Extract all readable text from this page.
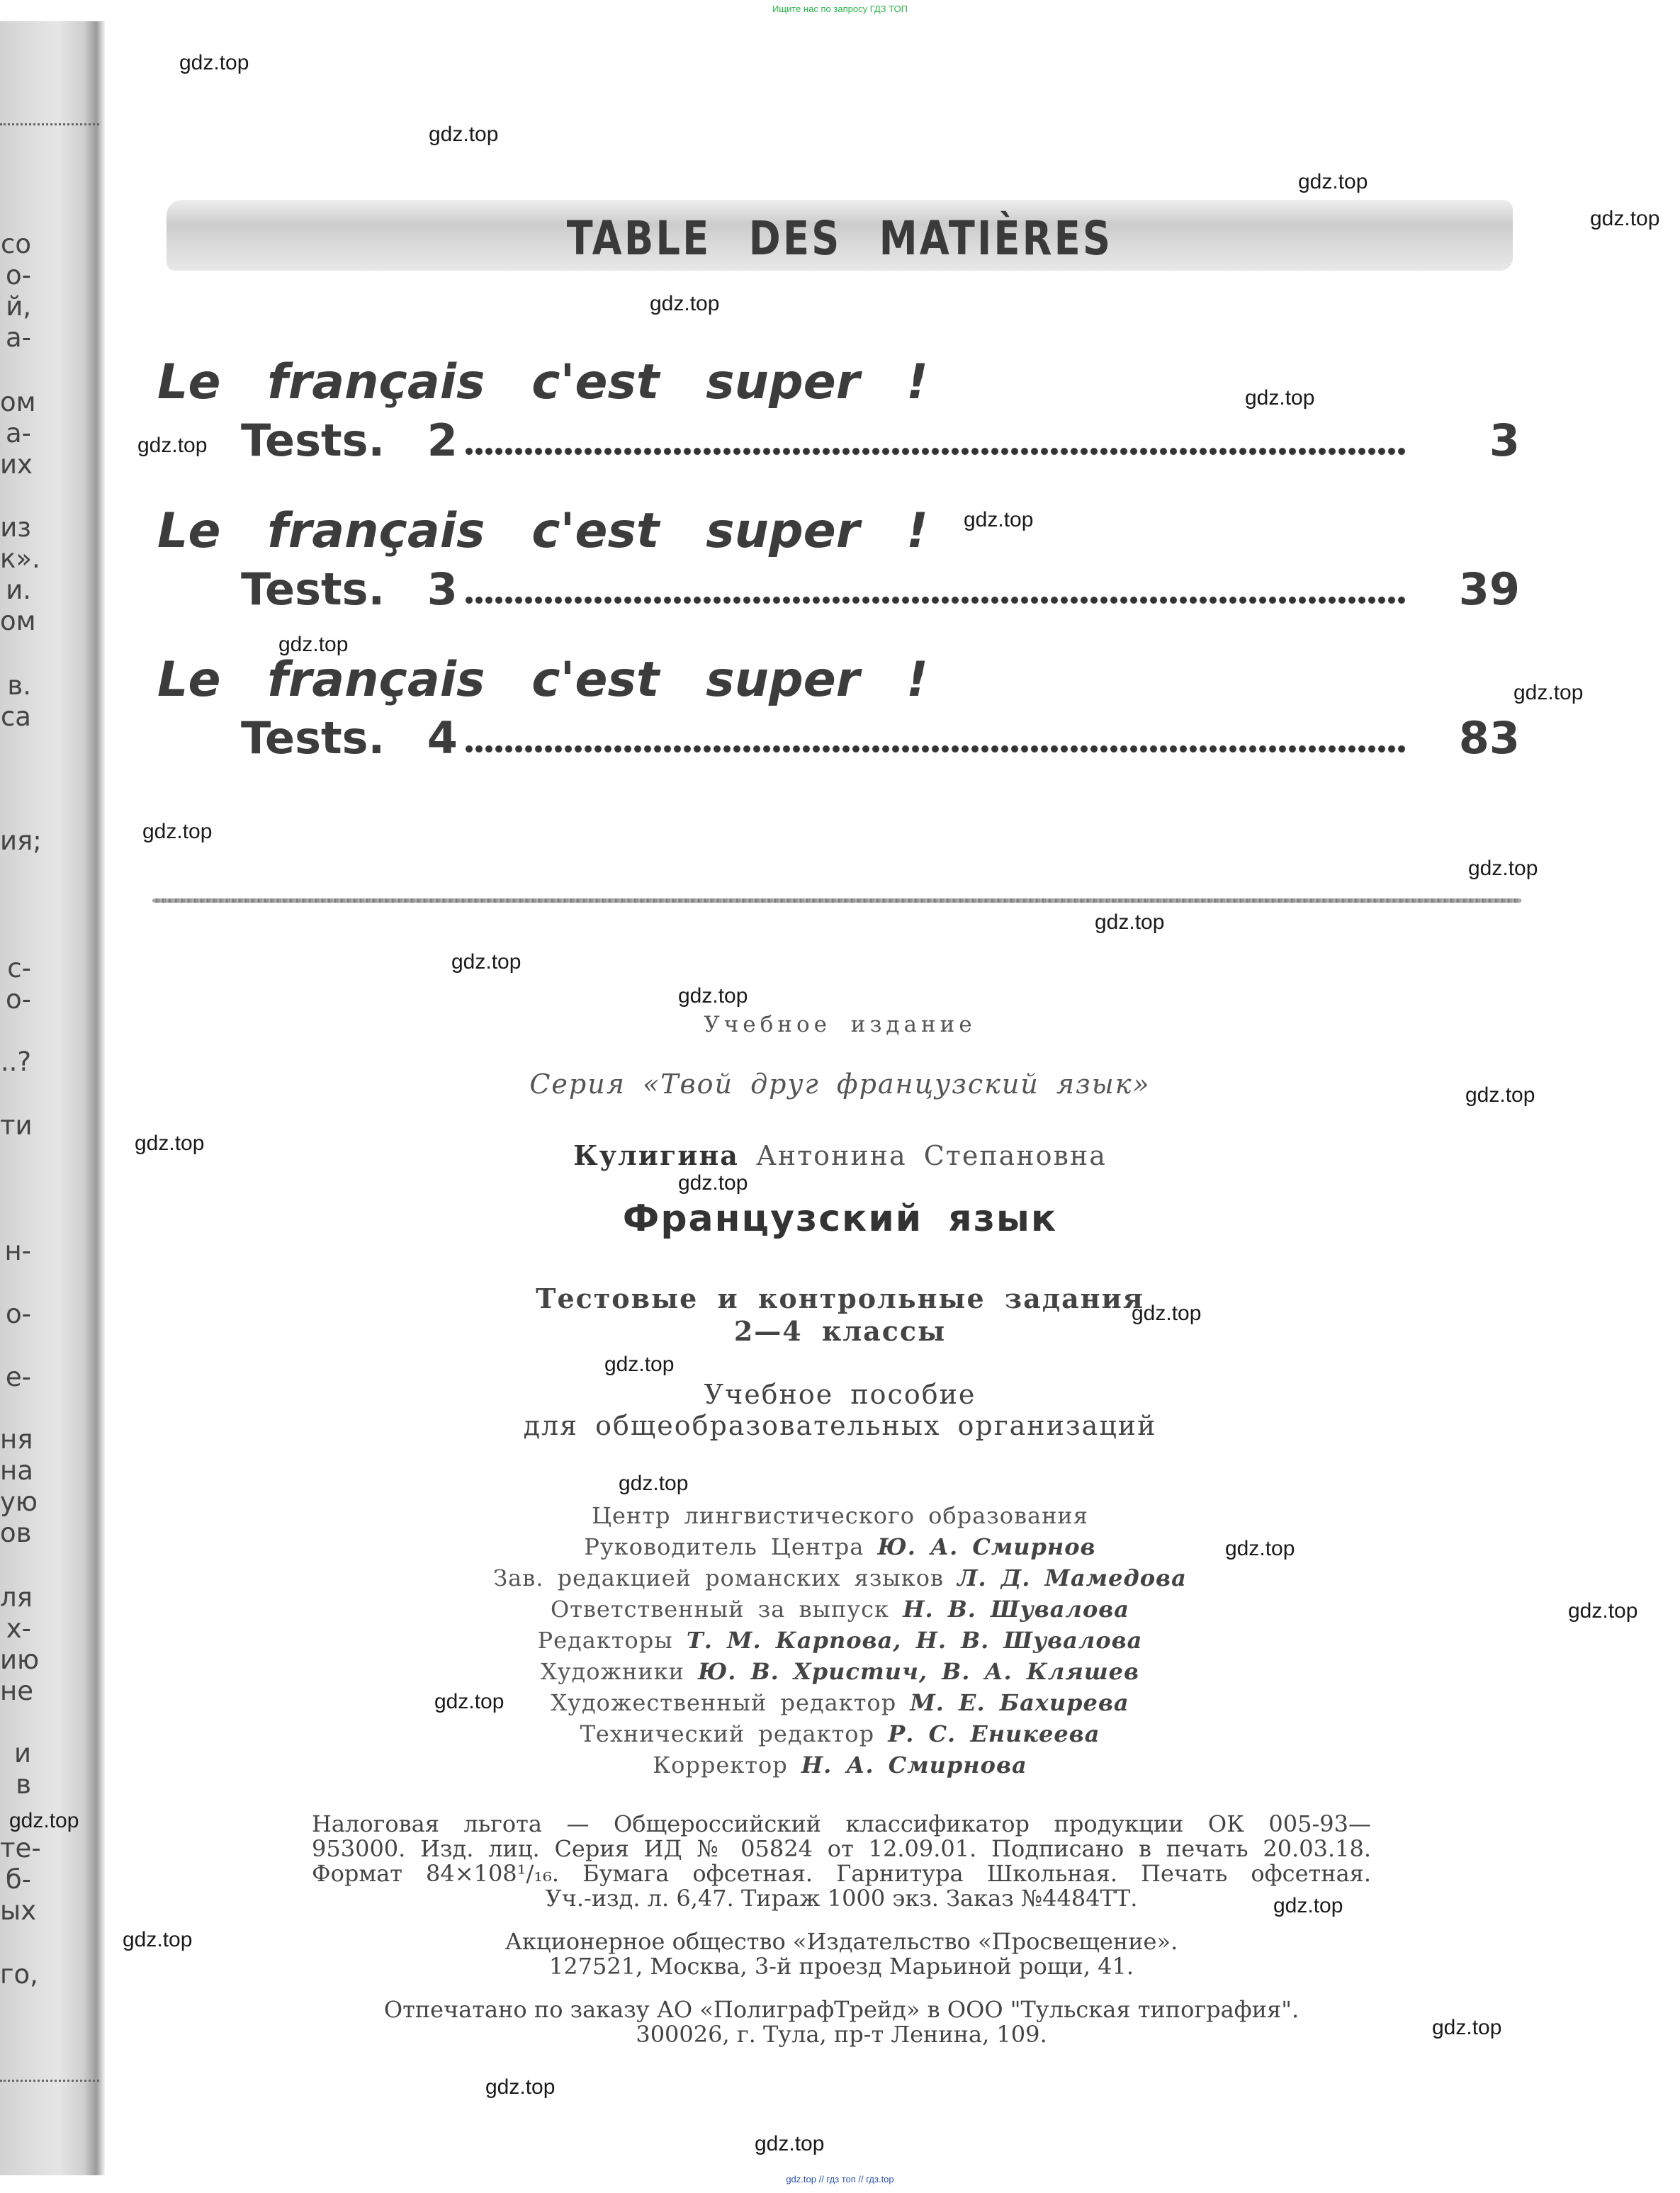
Ищите нас по запросу ГДЗ ТОП
со
о-
й,
а-
ом
а-
их
из
к».
и.
ом
в.
са
ия;
с-
о-
..?
ти
н-
о-
е-
ня
на
ую
ов
ля
х-
ию
не
и
в
те-
б-
ых
го,
TABLE DES MATIÈRES
Le français c'est super !
Tests. 2	3
Le français c'est super !
Tests. 3	39
Le français c'est super !
Tests. 4	83
Учебное издание
Серия «Твой друг французский язык»
Кулигина Антонина Степановна
Французский язык
Тестовые и контрольные задания
2—4 классы
Учебное пособие
для общеобразовательных организаций
Центр лингвистического образования
Руководитель Центра Ю. А. Смирнов
Зав. редакцией романских языков Л. Д. Мамедова
Ответственный за выпуск Н. В. Шувалова
Редакторы Т. М. Карпова, Н. В. Шувалова
Художники Ю. В. Христич, В. А. Кляшев
Художественный редактор М. Е. Бахирева
Технический редактор Р. С. Еникеева
Корректор Н. А. Смирнова
Налоговая льгота — Общероссийский классификатор продукции ОК 005-93—
953000. Изд. лиц. Серия ИД № 05824 от 12.09.01. Подписано в печать 20.03.18.
Формат 84×108¹/₁₆. Бумага офсетная. Гарнитура Школьная. Печать офсетная.
Уч.-изд. л. 6,47. Тираж 1000 экз. Заказ №4484ТТ.
Акционерное общество «Издательство «Просвещение».
127521, Москва, 3-й проезд Марьиной рощи, 41.
Отпечатано по заказу АО «ПолиграфТрейд» в ООО "Тульская типография".
300026, г. Тула, пр-т Ленина, 109.
gdz.top
gdz.top
gdz.top
gdz.top
gdz.top
gdz.top
gdz.top
gdz.top
gdz.top
gdz.top
gdz.top
gdz.top
gdz.top
gdz.top
gdz.top
gdz.top
gdz.top
gdz.top
gdz.top
gdz.top
gdz.top
gdz.top
gdz.top
gdz.top
gdz.top
gdz.top
gdz.top
gdz.top
gdz.top
gdz.top
gdz.top // гдз топ // гдз.top
